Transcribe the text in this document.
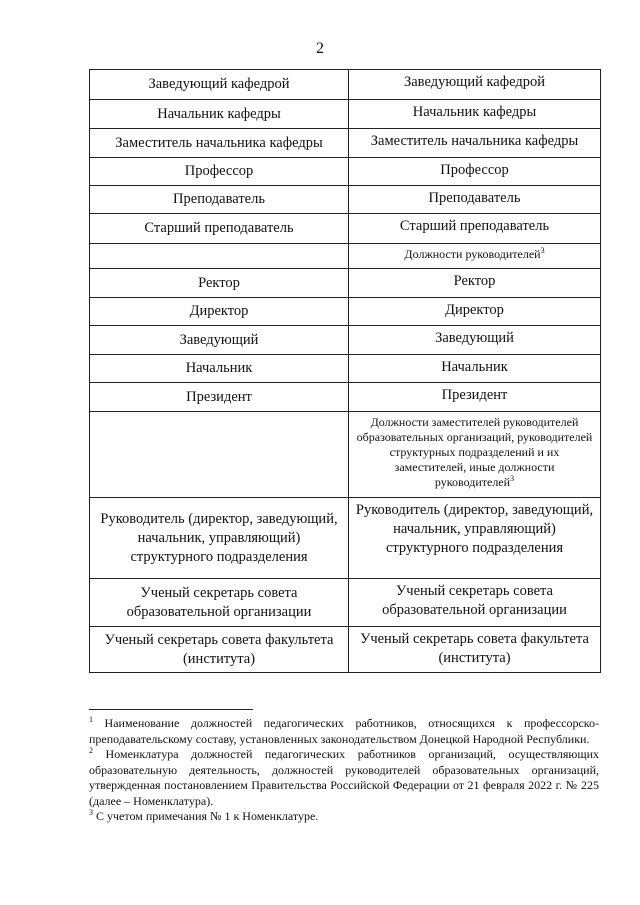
2
Заведующий кафедрой	Заведующий кафедрой
Начальник кафедры	Начальник кафедры
Заместитель начальника кафедры	Заместитель начальника кафедры
Профессор	Профессор
Преподаватель	Преподаватель
Старший преподаватель	Старший преподаватель
	Должности руководителей$^3$
Ректор	Ректор
Директор	Директор
Заведующий	Заведующий
Начальник	Начальник
Президент	Президент
	Должности заместителей руководителей образовательных организаций, руководителей структурных подразделений и их заместителей, иные должности руководителей$^3$
Руководитель (директор, заведующий, начальник, управляющий) структурного подразделения	Руководитель (директор, заведующий, начальник, управляющий) структурного подразделения
Ученый секретарь совета образовательной организации	Ученый секретарь совета образовательной организации
Ученый секретарь совета факультета (института)	Ученый секретарь совета факультета (института)

$^1$ Наименование должностей педагогических работников, относящихся к профессорско-преподавательскому составу, установленных законодательством Донецкой Народной Республики.

$^2$ Номенклатура должностей педагогических работников организаций, осуществляющих образовательную деятельность, должностей руководителей образовательных организаций, утвержденная постановлением Правительства Российской Федерации от 21 февраля 2022 г. № 225 (далее – Номенклатура).

$^3$ С учетом примечания № 1 к Номенклатуре.
